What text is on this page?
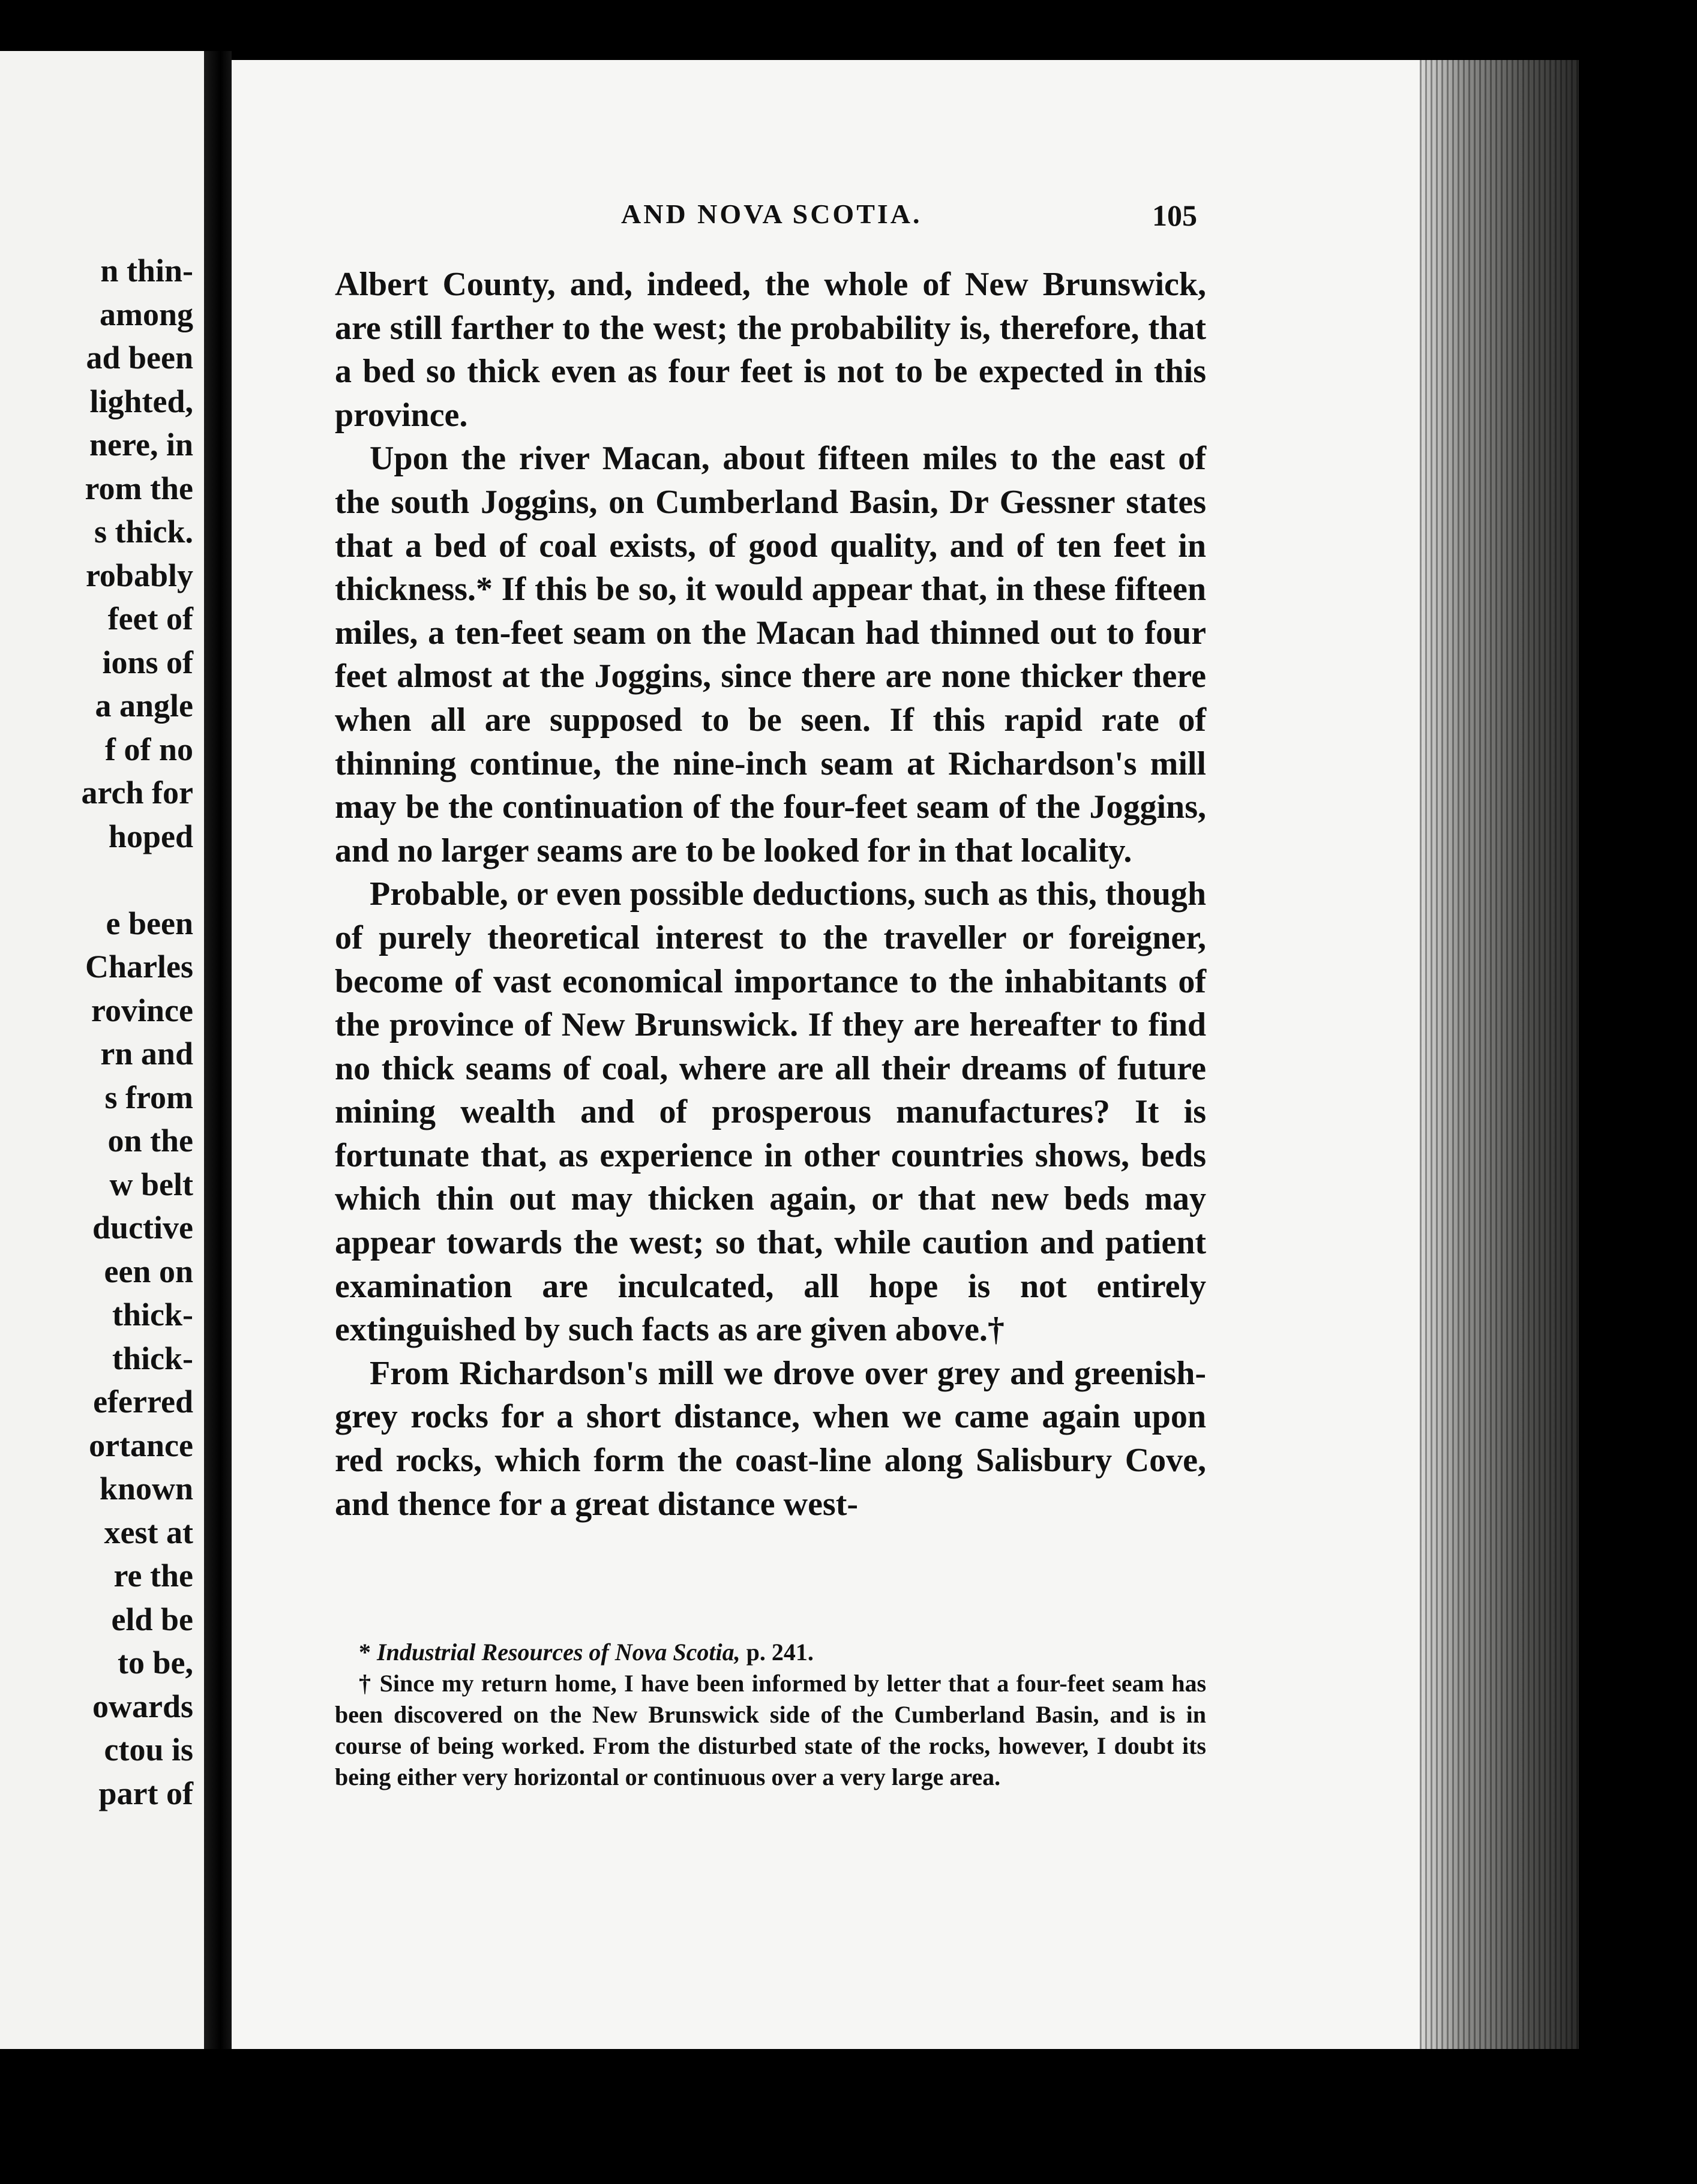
n thin-
among
ad been
lighted,
nere, in
rom the
s thick.
robably
feet of
ions of
a angle
f of no
arch for
hoped
e been
Charles
rovince
rn and
s from
on the
w belt
ductive
een on
thick-
thick-
eferred
ortance
known
xest at
re the
eld be
to be,
owards
ctou is
part of
AND NOVA SCOTIA.	105

Albert County, and, indeed, the whole of New Brunswick, are still farther to the west; the probability is, therefore, that a bed so thick even as four feet is not to be expected in this province.

Upon the river Macan, about fifteen miles to the east of the south Joggins, on Cumberland Basin, Dr Gessner states that a bed of coal exists, of good quality, and of ten feet in thickness.* If this be so, it would appear that, in these fifteen miles, a ten-feet seam on the Macan had thinned out to four feet almost at the Joggins, since there are none thicker there when all are supposed to be seen. If this rapid rate of thinning continue, the nine-inch seam at Richardson's mill may be the continuation of the four-feet seam of the Joggins, and no larger seams are to be looked for in that locality.

Probable, or even possible deductions, such as this, though of purely theoretical interest to the traveller or foreigner, become of vast economical importance to the inhabitants of the province of New Brunswick. If they are hereafter to find no thick seams of coal, where are all their dreams of future mining wealth and of prosperous manufactures? It is fortunate that, as experience in other countries shows, beds which thin out may thicken again, or that new beds may appear towards the west; so that, while caution and patient examination are inculcated, all hope is not entirely extinguished by such facts as are given above.†

From Richardson's mill we drove over grey and greenish-grey rocks for a short distance, when we came again upon red rocks, which form the coast-line along Salisbury Cove, and thence for a great distance west-

* Industrial Resources of Nova Scotia, p. 241.

† Since my return home, I have been informed by letter that a four-feet seam has been discovered on the New Brunswick side of the Cumberland Basin, and is in course of being worked. From the disturbed state of the rocks, however, I doubt its being either very horizontal or continuous over a very large area.
